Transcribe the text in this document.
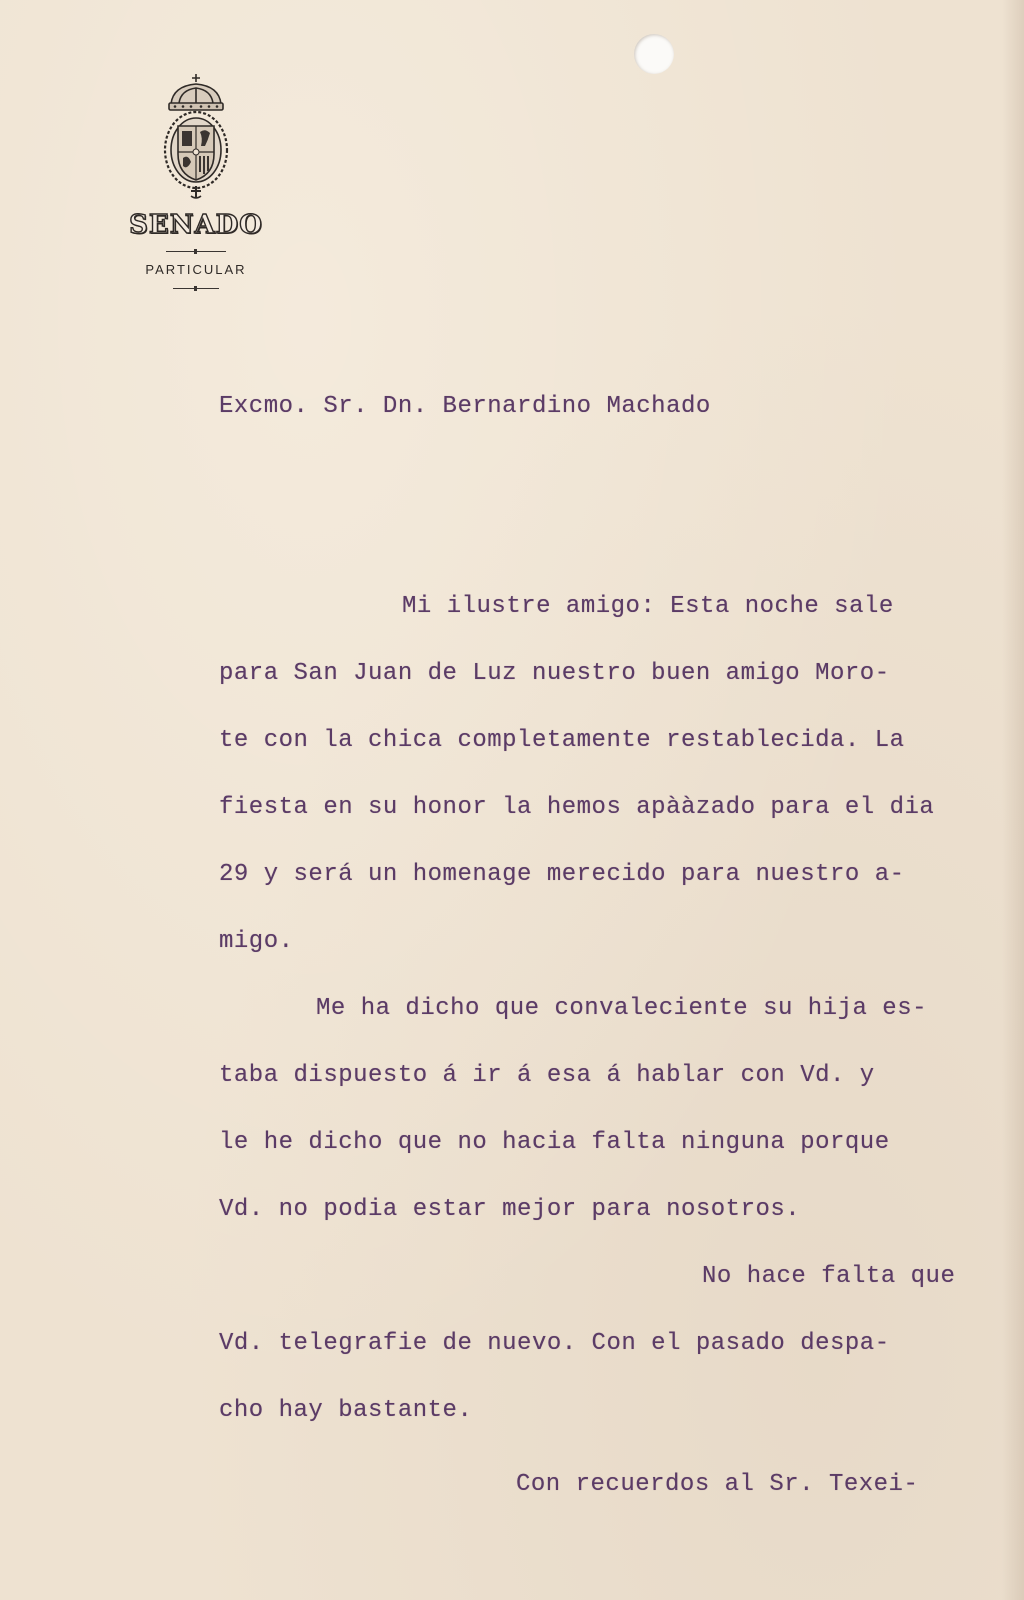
SENADO
PARTICULAR
Excmo. Sr. Dn. Bernardino Machado
Mi ilustre amigo: Esta noche sale
para San Juan de Luz nuestro buen amigo Moro-
te con la chica completamente restablecida. La
fiesta en su honor la hemos apààzado para el dia
29 y será un homenage merecido para nuestro a-
migo.
Me ha dicho que convaleciente su hija es-
taba dispuesto á ir á esa á hablar con Vd. y
le he dicho que no hacia falta ninguna porque
Vd. no podia estar mejor para nosotros.
No hace falta que
Vd. telegrafie de nuevo. Con el pasado despa-
cho hay bastante.
Con recuerdos al Sr. Texei-
